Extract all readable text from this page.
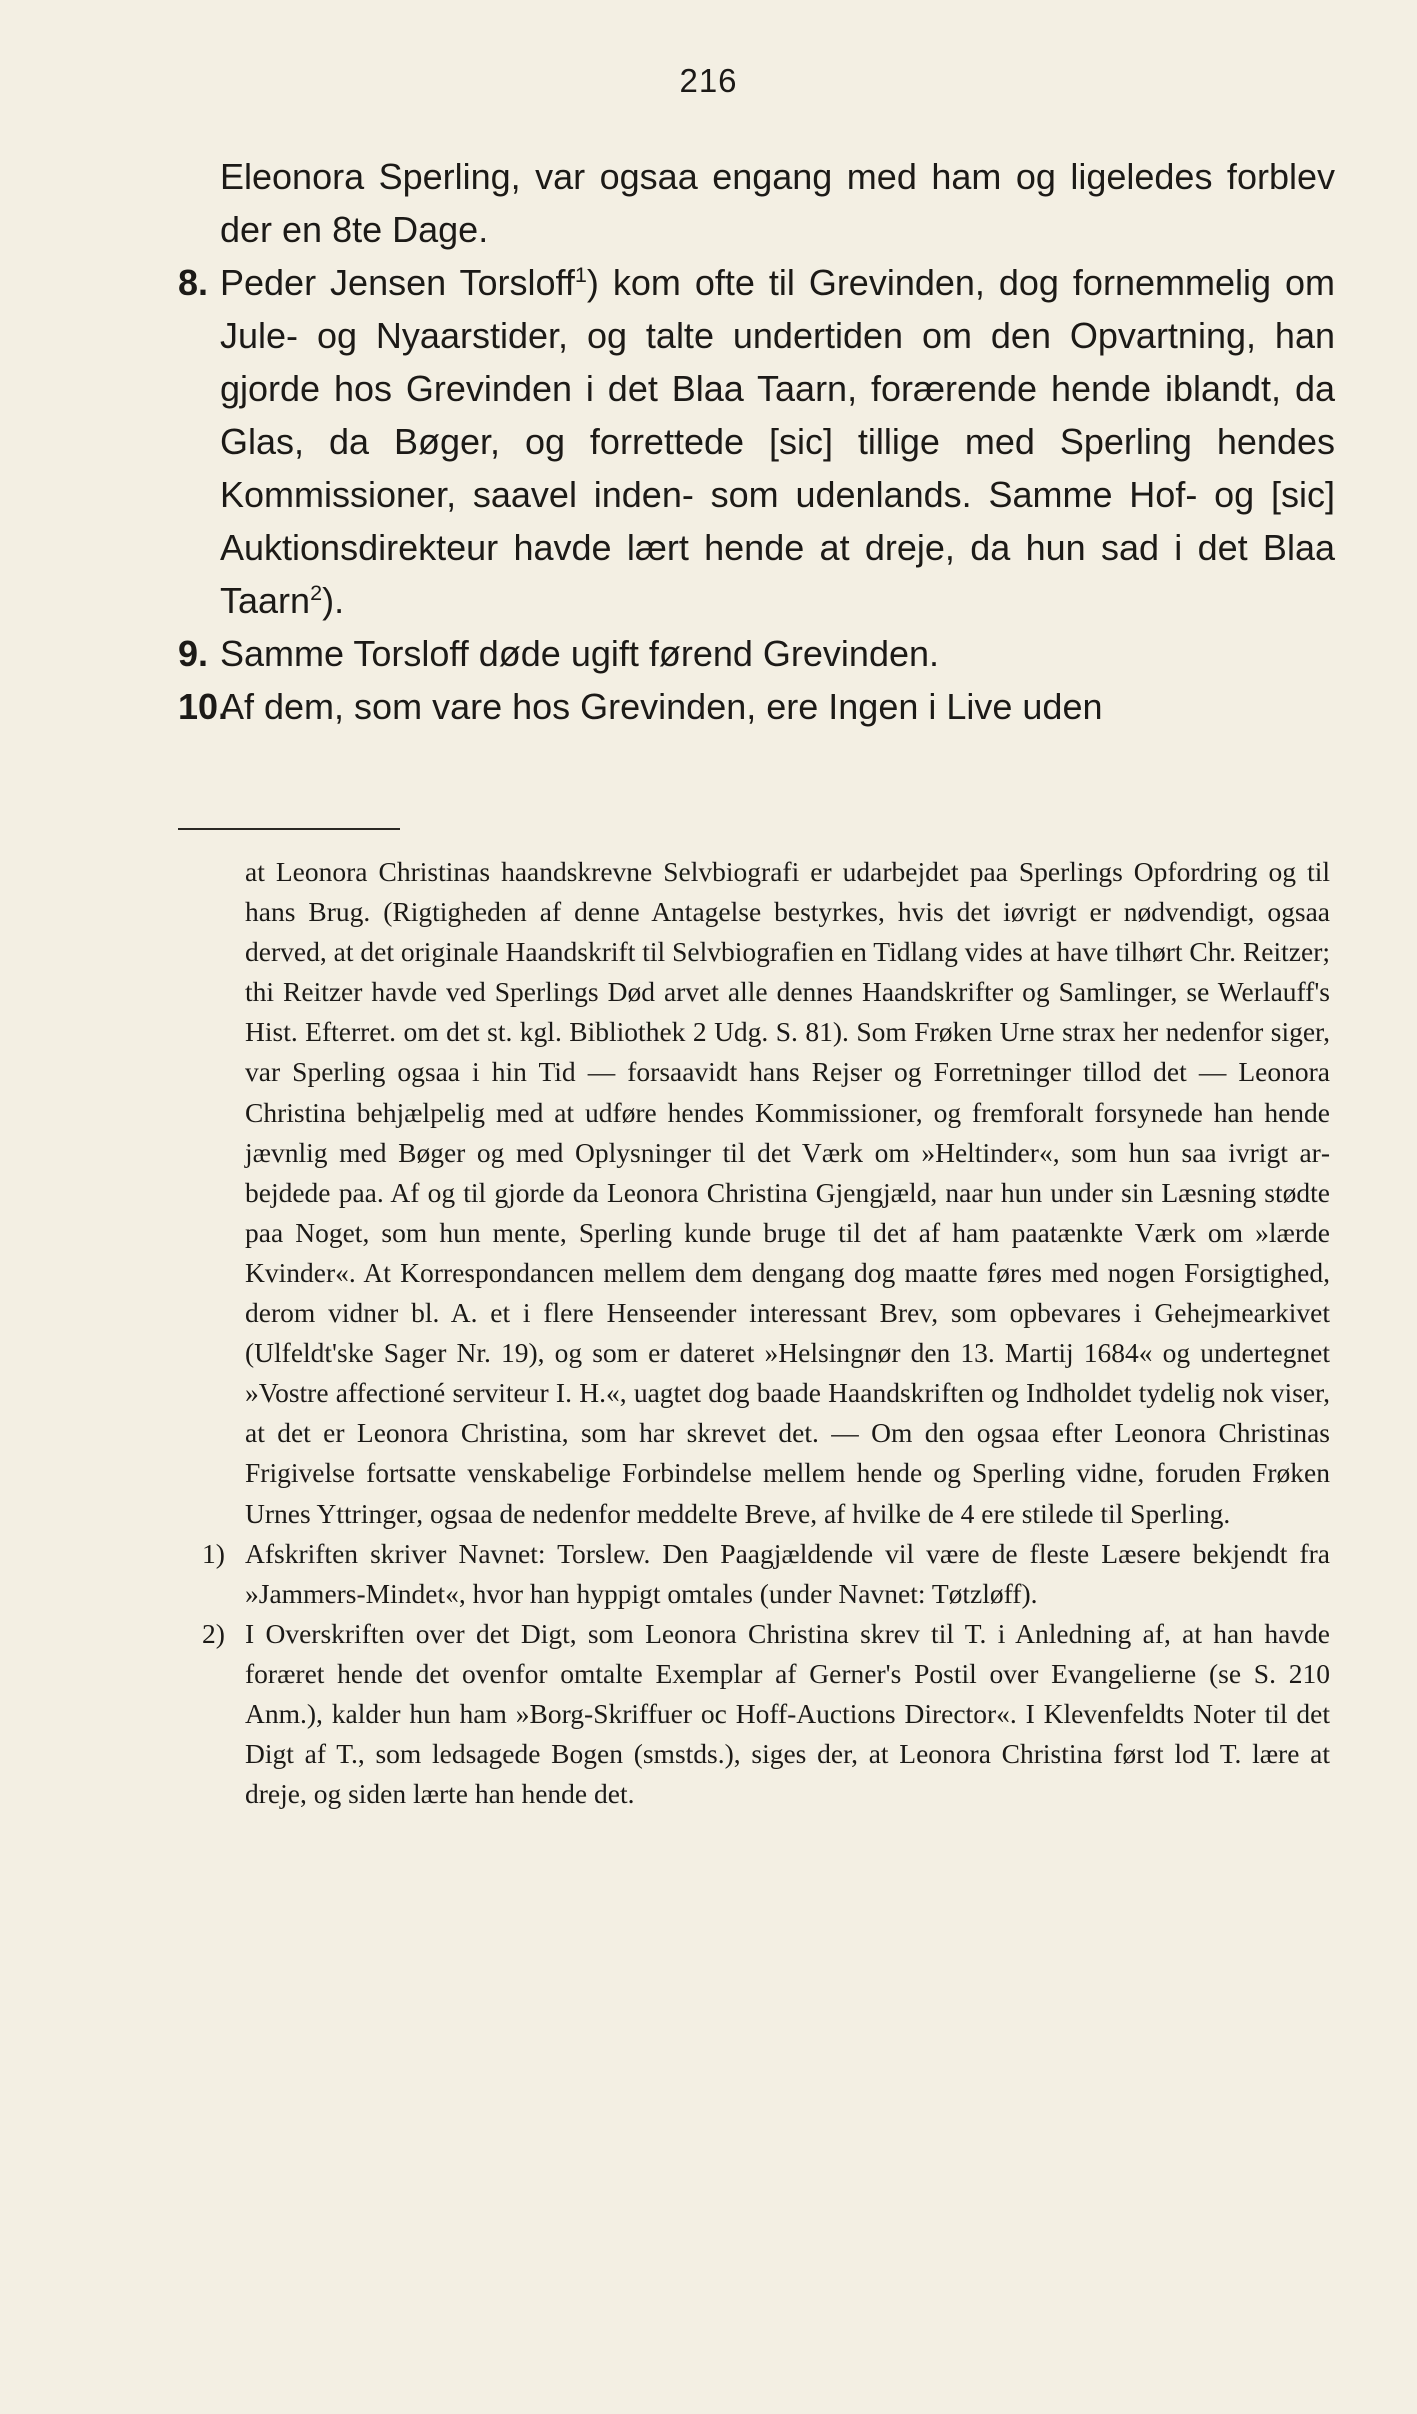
216

Eleonora Sperling, var ogsaa engang med ham og ligeledes forblev der en 8te Dage.

8. Peder Jensen Torsloff$^1$) kom ofte til Grevinden, dog fornemmelig om Jule- og Nyaarstider, og talte undertiden om den Opvartning, han gjorde hos Grevinden i det Blaa Taarn, forærende hende iblandt, da Glas, da Bøger, og forrettede [sic] tillige med Sperling hendes Kommissioner, saavel inden- som udenlands. Samme Hof- og [sic] Auktionsdirekteur havde lært hende at dreje, da hun sad i det Blaa Taarn$^2$).

9. Samme Torsloff døde ugift førend Grevinden.

10.
Af dem, som vare hos Grevinden, ere Ingen i Live uden

at Leonora Christinas haandskrevne Selvbiografi er udarbejdet paa Sperlings Opfordring og til hans Brug. (Rigtigheden af denne Antagelse bestyrkes, hvis det iøvrigt er nødvendigt, ogsaa derved, at det originale Haandskrift til Selvbiografien en Tidlang vides at have tilhørt Chr. Reitzer; thi Reitzer havde ved Sperlings Død arvet alle dennes Haandskrifter og Samlinger, se Werlauff's Hist. Efterret. om det st. kgl. Bibliothek 2 Udg. S. 81). Som Frøken Urne strax her nedenfor siger, var Sperling ogsaa i hin Tid — forsaavidt hans Rejser og Forretninger tillod det — Leonora Christina behjælpelig med at udføre hendes Kommissioner, og fremforalt forsynede han hende jævnlig med Bøger og med Oplysninger til det Værk om »Heltinder«, som hun saa ivrigt arbejdede paa. Af og til gjorde da Leonora Christina Gjengjæld, naar hun under sin Læsning stødte paa Noget, som hun mente, Sperling kunde bruge til det af ham paatænkte Værk om »lærde Kvinder«. At Korrespondancen mellem dem dengang dog maatte føres med nogen Forsigtighed, derom vidner bl. A. et i flere Henseender interessant Brev, som opbevares i Gehejmearkivet (Ulfeldt'ske Sager Nr. 19), og som er dateret »Helsingnør den 13. Martij 1684« og undertegnet »Vostre affectioné serviteur I. H.«, uagtet dog baade Haandskriften og Indholdet tydelig nok viser, at det er Leonora Christina, som har skrevet det. — Om den ogsaa efter Leonora Christinas Frigivelse fortsatte venskabelige Forbindelse mellem hende og Sperling vidne, foruden Frøken Urnes Yttringer, ogsaa de nedenfor meddelte Breve, af hvilke de 4 ere stilede til Sperling.

1) Afskriften skriver Navnet: Torslew. Den Paagjældende vil være de fleste Læsere bekjendt fra »Jammers-Mindet«, hvor han hyppigt omtales (under Navnet: Tøtzløff).

2) I Overskriften over det Digt, som Leonora Christina skrev til T. i Anledning af, at han havde foræret hende det ovenfor omtalte Exemplar af Gerner's Postil over Evangelierne (se S. 210 Anm.), kalder hun ham »Borg-Skriffuer oc Hoff-Auctions Director«. I Klevenfeldts Noter til det Digt af T., som ledsagede Bogen (smstds.), siges der, at Leonora Christina først lod T. lære at dreje, og siden lærte han hende det.
